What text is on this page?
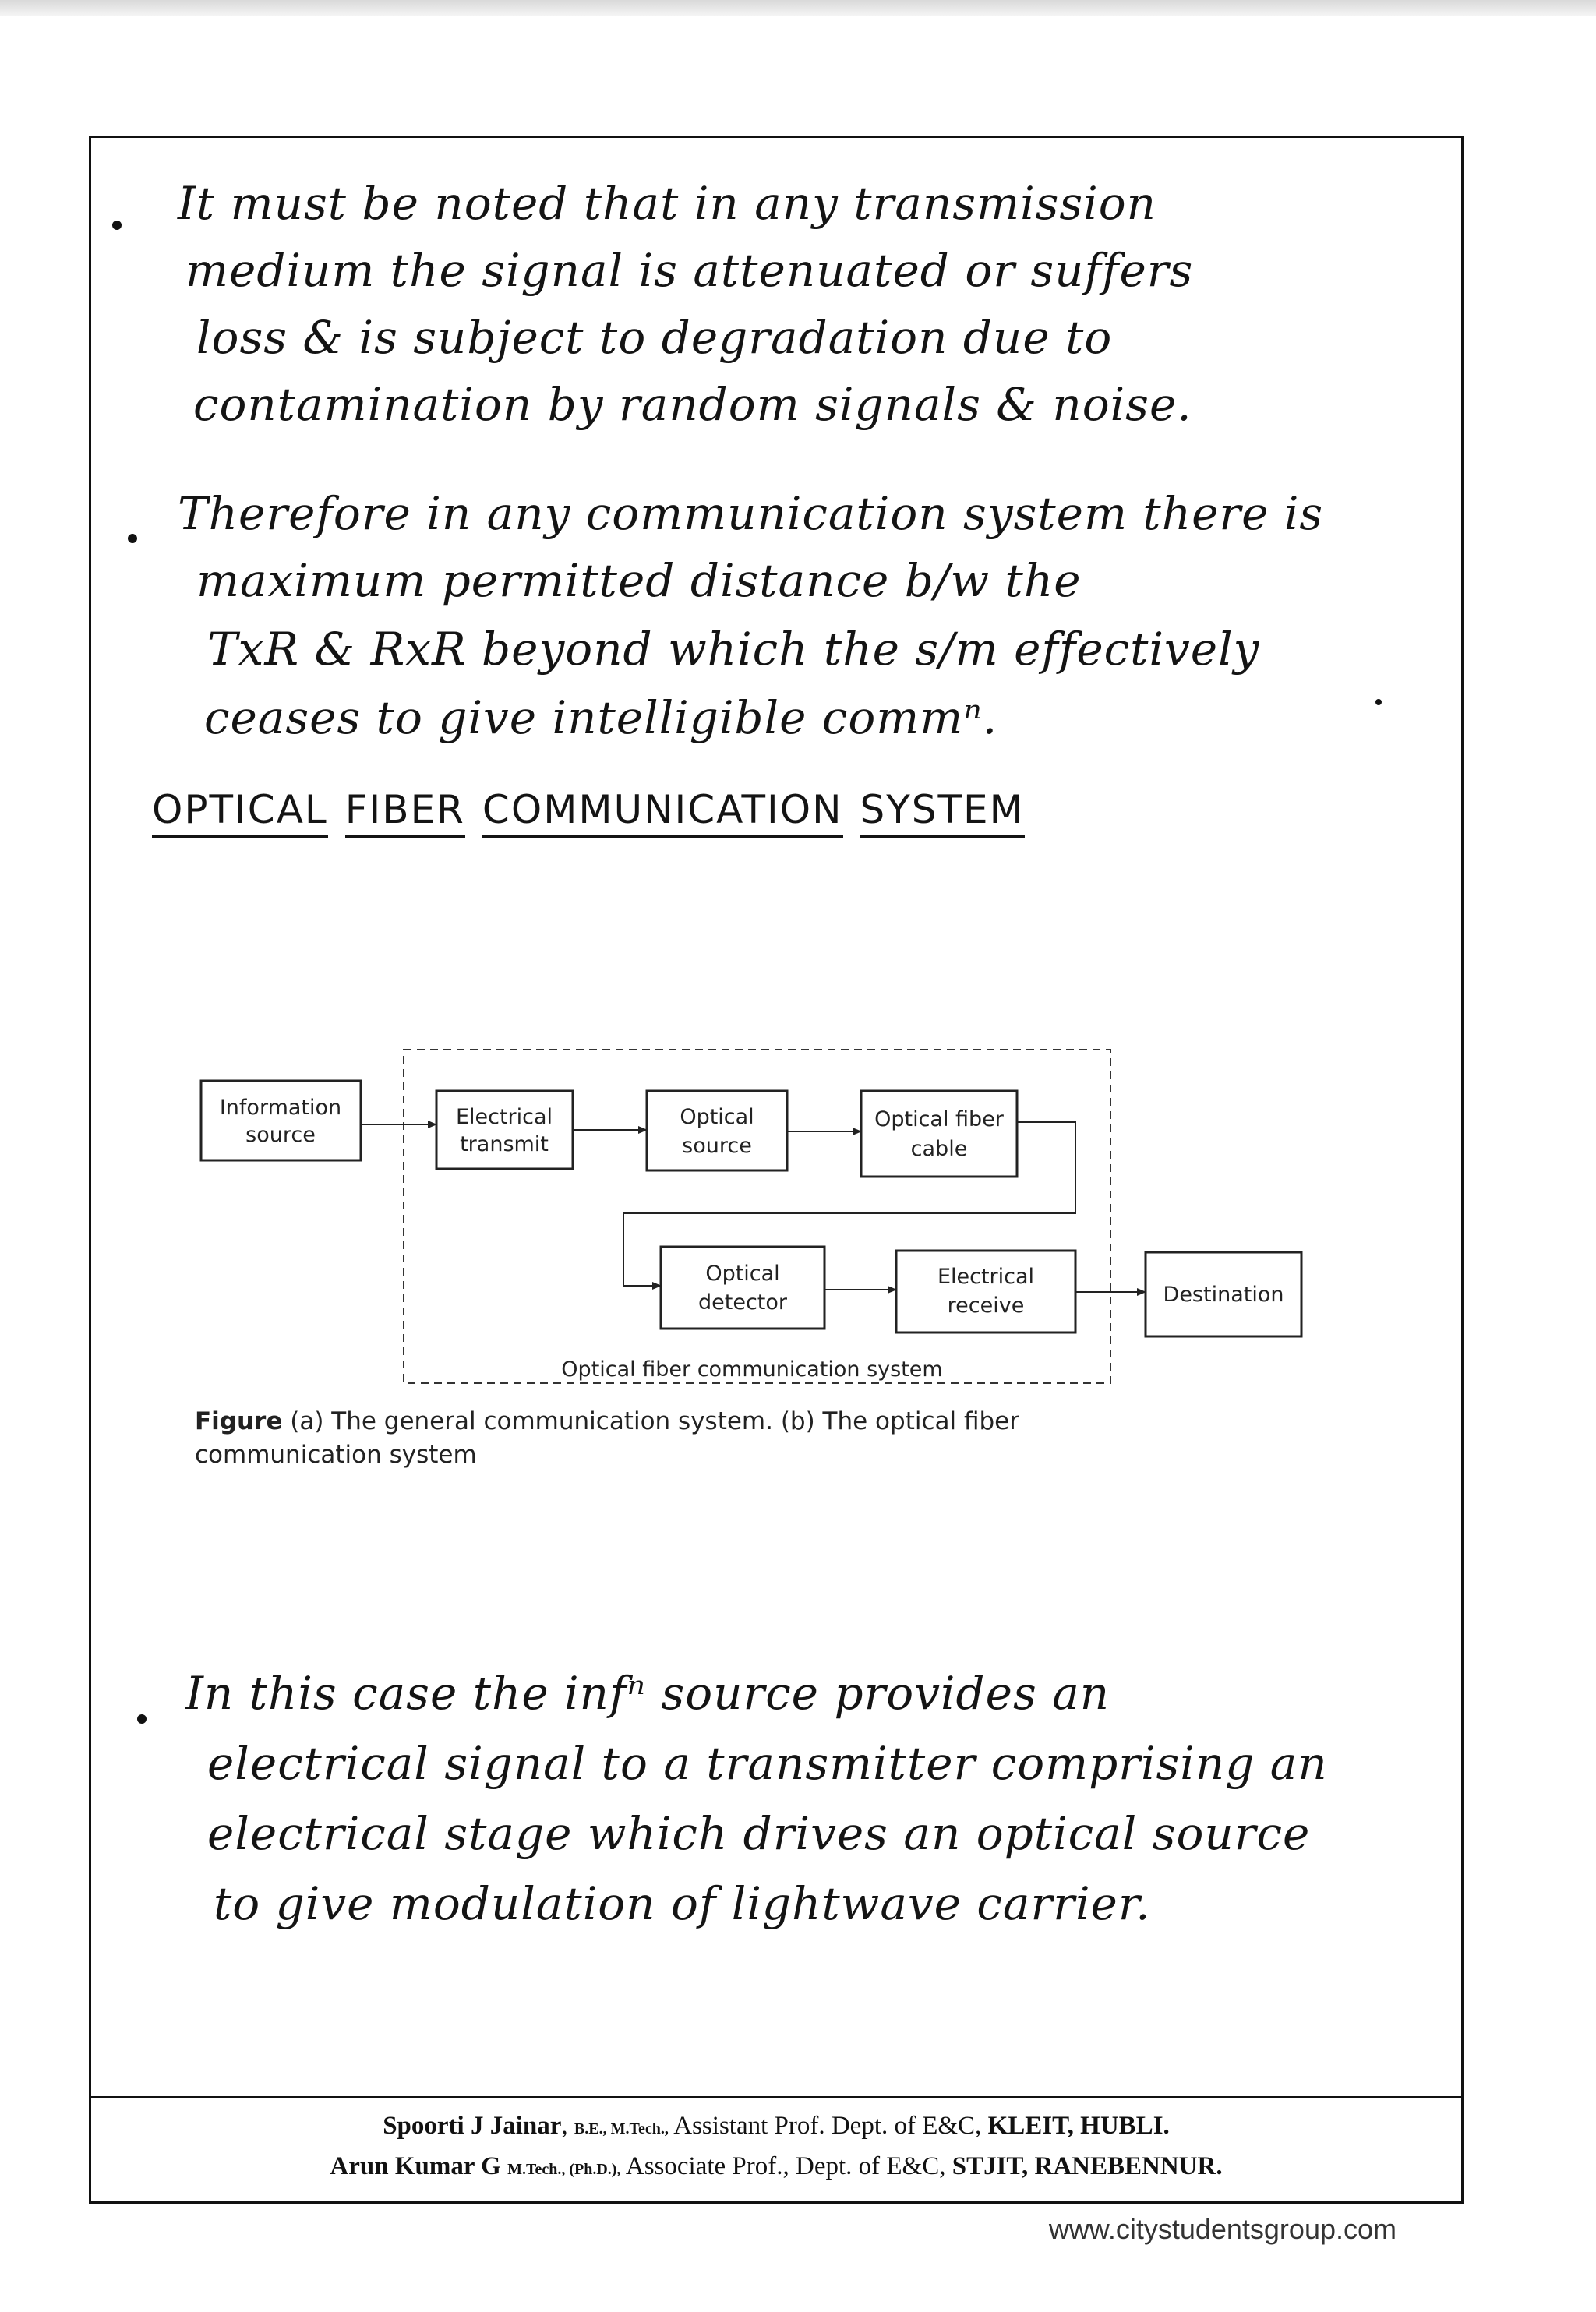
It must be noted that in any transmission
medium the signal is attenuated or suffers
loss & is subject to degradation due to
contamination by random signals & noise.
Therefore in any communication system there is
maximum permitted distance b/w the
TxR & RxR beyond which the s/m effectively
ceases to give intelligible commⁿ.
OPTICAL FIBER COMMUNICATION SYSTEM
Information
source
Electrical
transmit
Optical
source
Optical fiber
cable
Optical
detector
Electrical
receive	Destination
Optical fiber communication system
Figure (a) The general communication system. (b) The optical fiber communication system
In this case the infⁿ source provides an
electrical signal to a transmitter comprising an
electrical stage which drives an optical source
to give modulation of lightwave carrier.
Spoorti J Jainar, B.E., M.Tech., Assistant Prof. Dept. of E&C, KLEIT, HUBLI.
Arun Kumar G M.Tech., (Ph.D.), Associate Prof., Dept. of E&C, STJIT, RANEBENNUR.
www.citystudentsgroup.com
